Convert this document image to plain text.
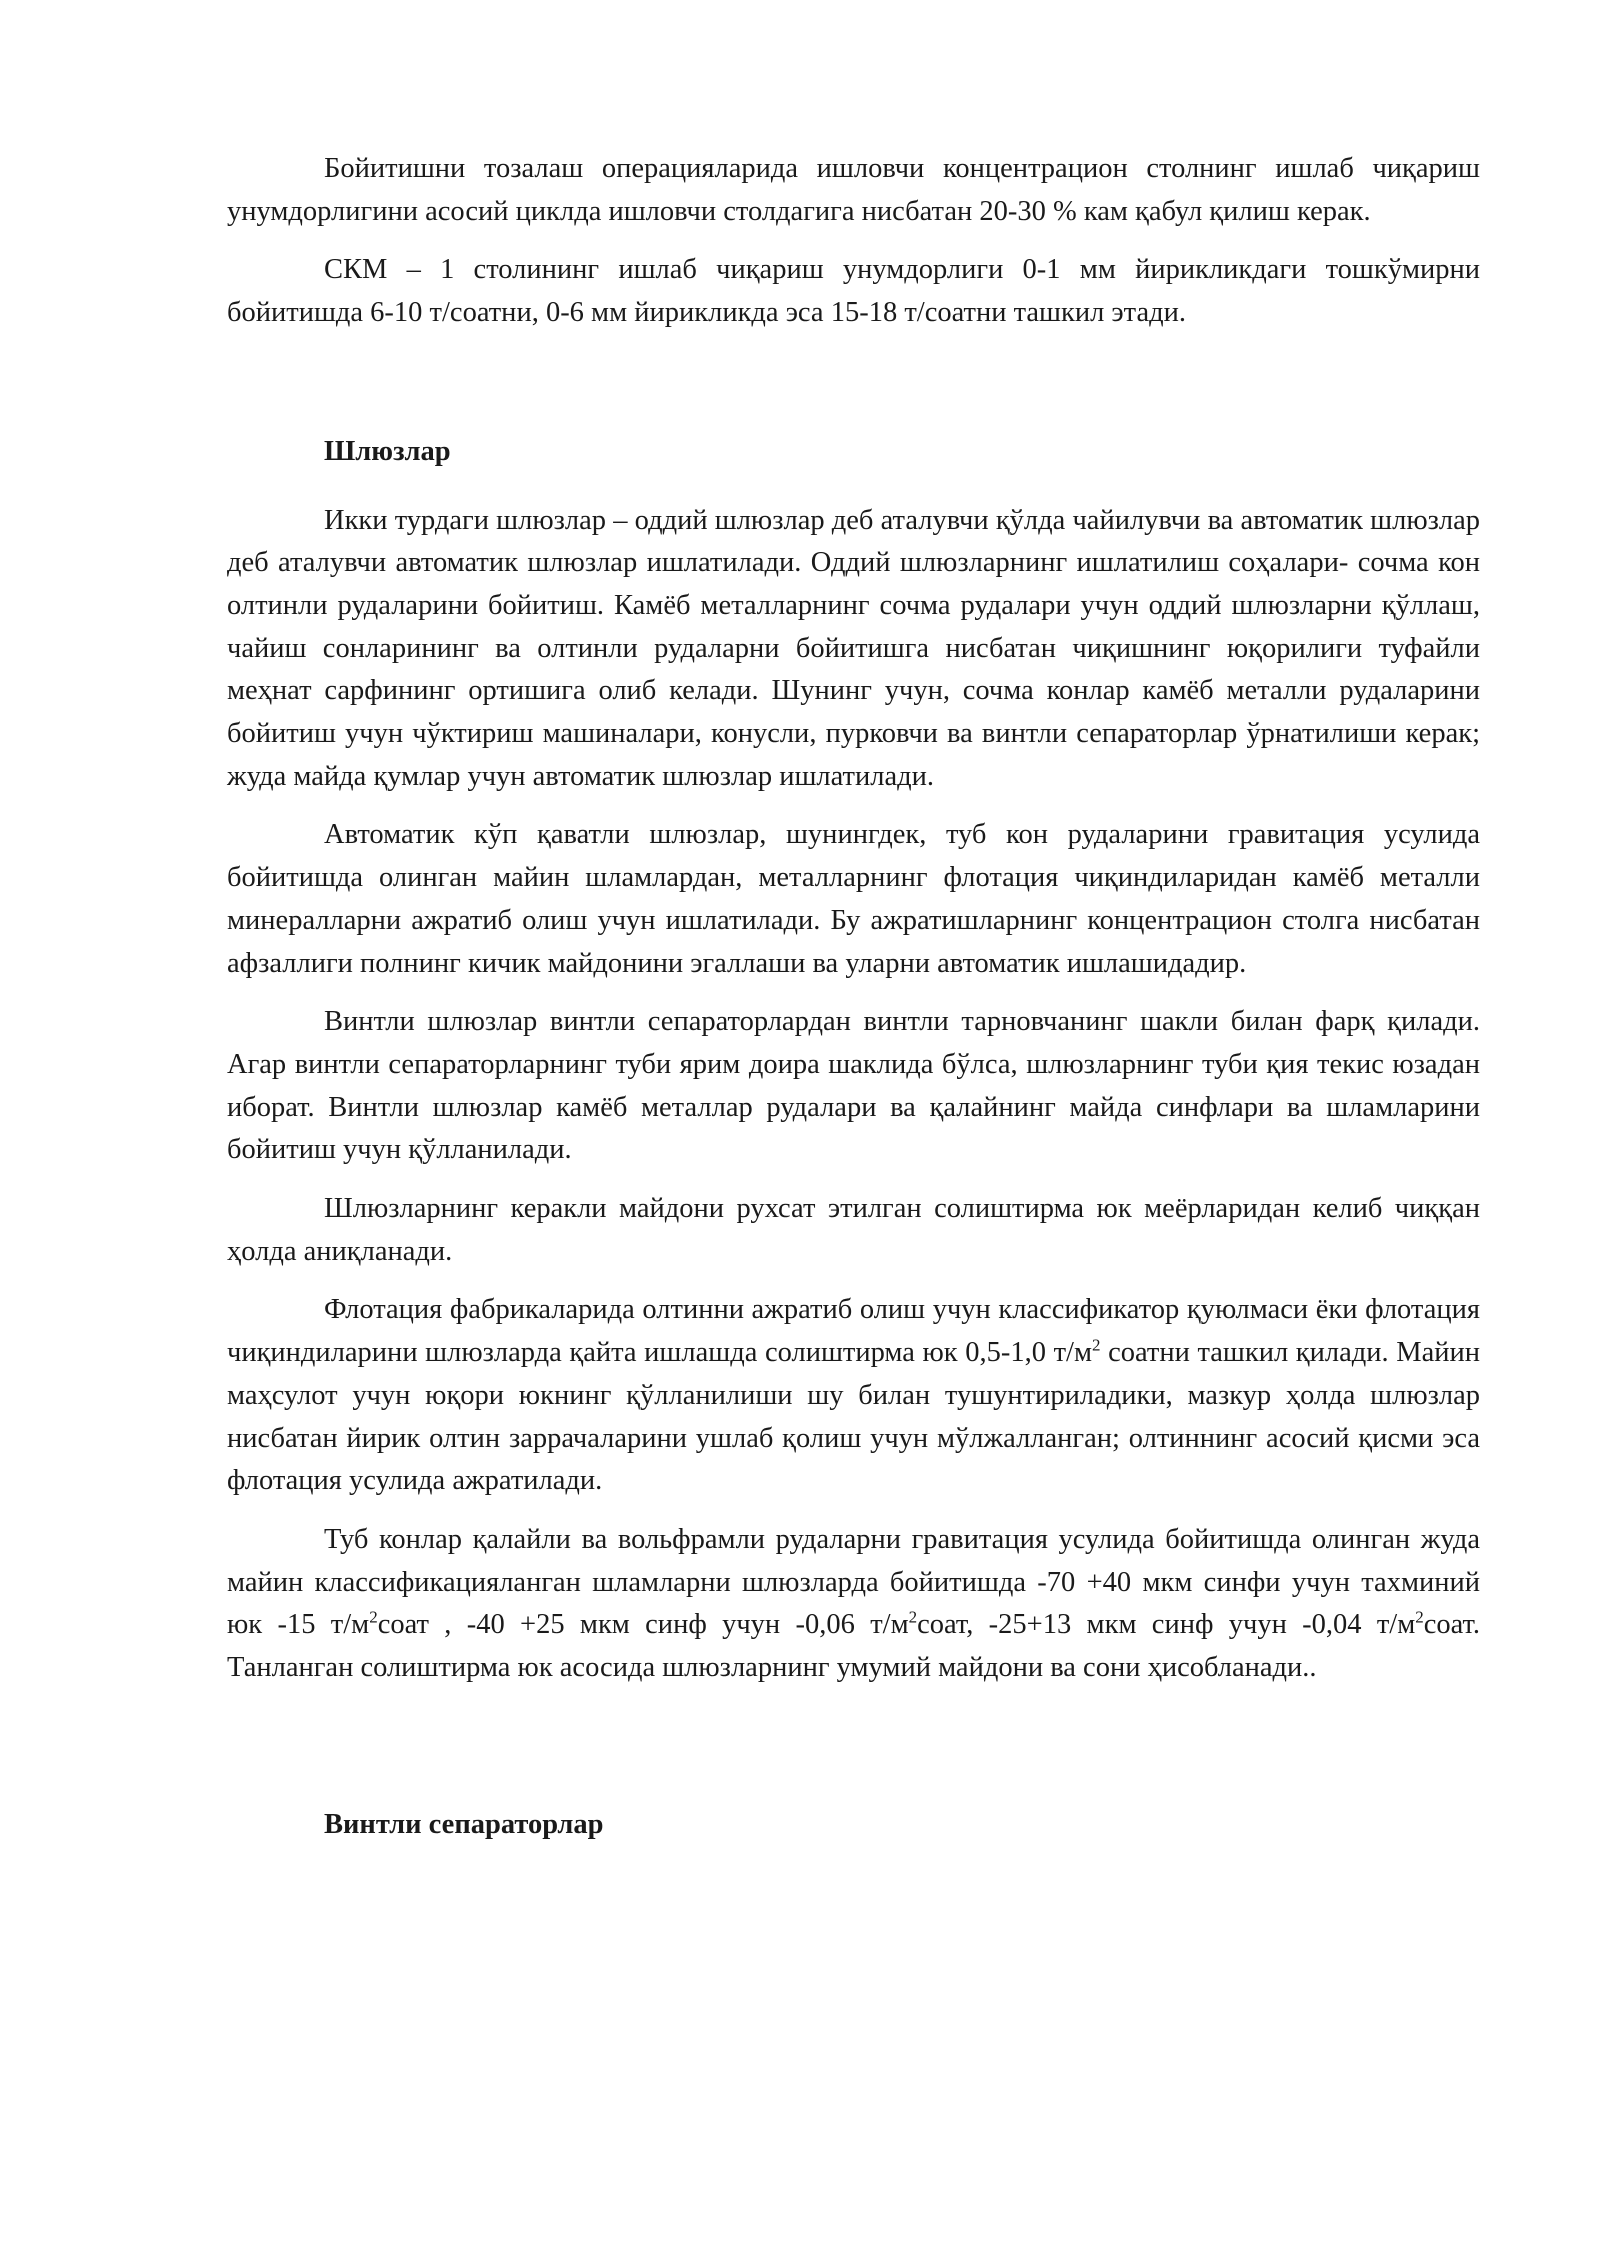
Бойитишни тозалаш операцияларида ишловчи концентрацион столнинг ишлаб чиқариш унумдорлигини асосий циклда ишловчи столдагига нисбатан 20-30 % кам қабул қилиш керак.

СКМ – 1 столининг ишлаб чиқариш унумдорлиги 0-1 мм йирикликдаги тошкўмирни бойитишда 6-10 т/соатни, 0-6 мм йирикликда эса 15-18 т/соатни ташкил этади.

Шлюзлар

Икки турдаги шлюзлар – оддий шлюзлар деб аталувчи қўлда чайилувчи ва автоматик шлюзлар деб аталувчи автоматик шлюзлар ишлатилади. Оддий шлюзларнинг ишлатилиш соҳалари- сочма кон олтинли рудаларини бойитиш. Камёб металларнинг сочма рудалари учун оддий шлюзларни қўллаш, чайиш сонларининг ва олтинли рудаларни бойитишга нисбатан чиқишнинг юқорилиги туфайли меҳнат сарфининг ортишига олиб келади. Шунинг учун, сочма конлар камёб металли рудаларини бойитиш учун чўктириш машиналари, конусли, пурковчи ва винтли сепараторлар ўрнатилиши керак; жуда майда қумлар учун автоматик шлюзлар ишлатилади.

Автоматик кўп қаватли шлюзлар, шунингдек, туб кон рудаларини гравитация усулида бойитишда олинган майин шламлардан, металларнинг флотация чиқиндиларидан камёб металли минералларни ажратиб олиш учун ишлатилади. Бу ажратишларнинг концентрацион столга нисбатан афзаллиги полнинг кичик майдонини эгаллаши ва уларни автоматик ишлашидадир.

Винтли шлюзлар винтли сепараторлардан винтли тарновчанинг шакли билан фарқ қилади. Агар винтли сепараторларнинг туби ярим доира шаклида бўлса, шлюзларнинг туби қия текис юзадан иборат. Винтли шлюзлар камёб металлар рудалари ва қалайнинг майда синфлари ва шламларини бойитиш учун қўлланилади.

Шлюзларнинг керакли майдони рухсат этилган солиштирма юк меёрларидан келиб чиққан ҳолда аниқланади.

Флотация фабрикаларида олтинни ажратиб олиш учун классификатор қуюлмаси ёки флотация чиқиндиларини шлюзларда қайта ишлашда солиштирма юк 0,5-1,0 $т/м^2$ соатни ташкил қилади. Майин маҳсулот учун юқори юкнинг қўлланилиши шу билан тушунтириладики, мазкур ҳолда шлюзлар нисбатан йирик олтин заррачаларини ушлаб қолиш учун мўлжалланган; олтиннинг асосий қисми эса флотация усулида ажратилади.

Туб конлар қалайли ва вольфрамли рудаларни гравитация усулида бойитишда олинган жуда майин классификацияланган шламларни шлюзларда бойитишда -70 +40 мкм синфи учун тахминий юк -15 $т/м^2соат$ , -40 +25 мкм синф учун -0,06 $т/м^2соат$, -25+13 мкм синф учун -0,04 $т/м^2соат$. Танланган солиштирма юк асосида шлюзларнинг умумий майдони ва сони ҳисобланади..

Винтли сепараторлар
